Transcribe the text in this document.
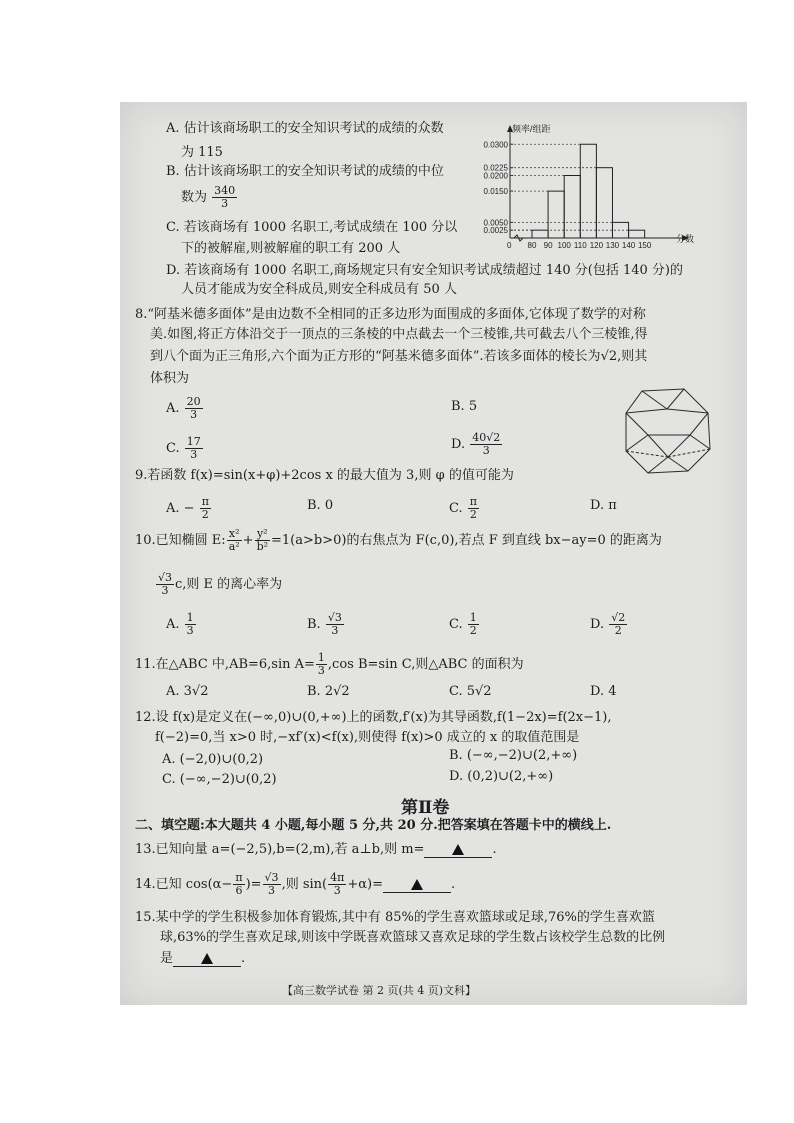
A. 估计该商场职工的安全知识考试的成绩的众数
为 115
B. 估计该商场职工的安全知识考试的成绩的中位
数为 $\frac{340}{3}$
C. 若该商场有 1000 名职工,考试成绩在 100 分以
下的被解雇,则被解雇的职工有 200 人
D. 若该商场有 1000 名职工,商场规定只有安全知识考试成绩超过 140 分(包括 140 分)的
人员才能成为安全科成员,则安全科成员有 50 人
频率/组距
分数
0
0.0300
0.0225
0.0200
0.0150
0.0050
0.0025
80 90 100 110 120 130 140 150
8.“阿基米德多面体”是由边数不全相同的正多边形为面围成的多面体,它体现了数学的对称
美.如图,将正方体沿交于一顶点的三条棱的中点截去一个三棱锥,共可截去八个三棱锥,得
到八个面为正三角形,六个面为正方形的“阿基米德多面体”.若该多面体的棱长为√2,则其
体积为
A. $\frac{20}{3}$	B. 5
C. $\frac{17}{3}$	D. $\frac{40√2}{3}$
9.若函数 f(x)=sin(x+φ)+2cos x 的最大值为 3,则 φ 的值可能为
A. − $\frac{\pi}{2}$	B. 0	C. $\frac{\pi}{2}$	D. π
10.已知椭圆 E: $\frac{\text{x²}}{\text{a²}} + \frac{\text{y²}}{\text{b²}} =1(a>b>0)$的右焦点为 F(c,0),若点 F 到直线 bx−ay=0 的距离为
$\frac{√3}{3} c$,则 E 的离心率为
A. $\frac{1}{3}$	B. $\frac{√3}{3}$	C. $\frac{1}{2}$	D. $\frac{√2}{2}$
11.在△ABC 中,AB=6,sin $A= \frac{1}{3} ,\cos$ B=sin C,则△ABC 的面积为
A. 3√2	B. 2√2	C. 5√2	D. 4
12.设 f(x)是定义在(−∞,0)∪(0,+∞)上的函数,f′(x)为其导函数,f(1−2x)=f(2x−1),
f(−2)=0,当 x>0 时,−xf′(x)<f(x),则使得 f(x)>0 成立的 x 的取值范围是
A. (−2,0)∪(0,2)	B. (−∞,−2)∪(2,+∞)
C. (−∞,−2)∪(0,2)	D. (0,2)∪(2,+∞)
第Ⅱ卷
二、填空题:本大题共 4 小题,每小题 5 分,共 20 分.把答案填在答题卡中的横线上.
13.已知向量 a=(−2,5),b=(2,m),若 a⊥b,则 m=	.
14.已知 $\cos(\alpha- \frac{\pi}{6}$ )= $\frac{√3}{3}$ ,则 $\sin( \frac{4\pi}{3} +\alpha)=$	.
15.某中学的学生积极参加体育锻炼,其中有 85%的学生喜欢篮球或足球,76%的学生喜欢篮
球,63%的学生喜欢足球,则该中学既喜欢篮球又喜欢足球的学生数占该校学生总数的比例
是	.
【高三数学试卷 第 2 页(共 4 页)文科】
